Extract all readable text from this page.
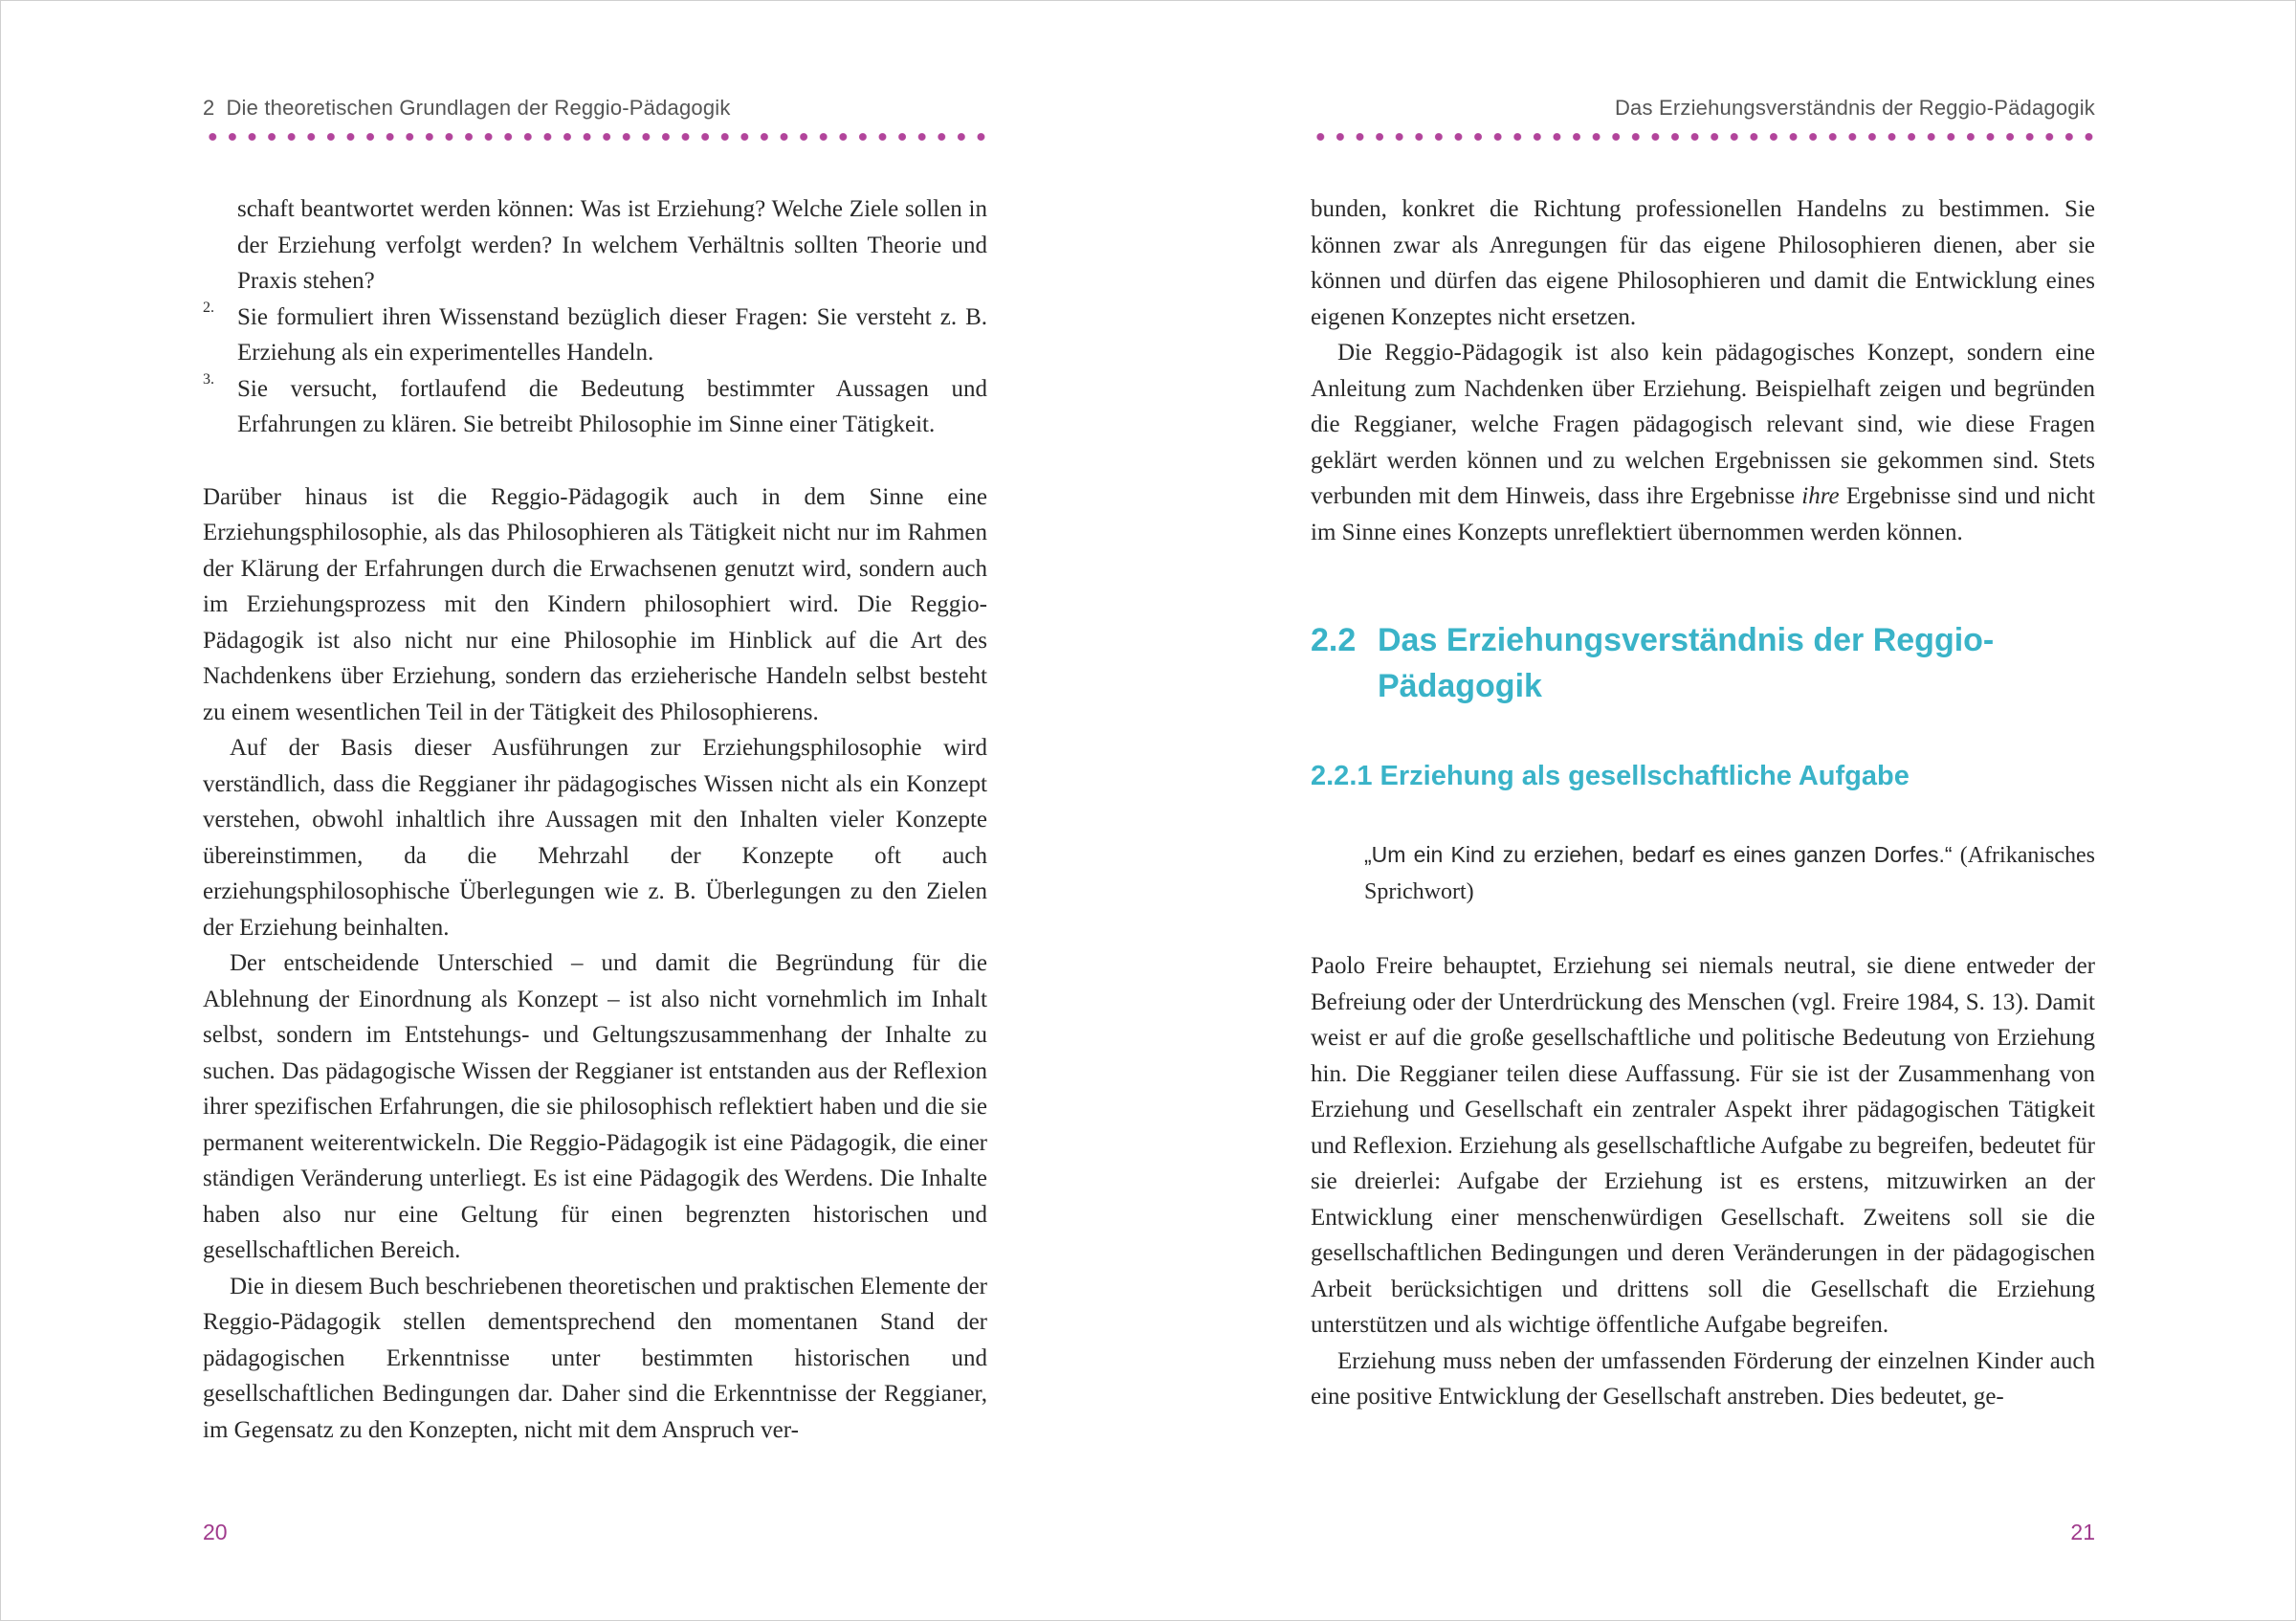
2 Die theoretischen Grundlagen der Reggio-Pädagogik

schaft beantwortet werden können: Was ist Erziehung? Welche Ziele sollen in der Erziehung verfolgt werden? In welchem Verhältnis sollten Theorie und Praxis stehen?

2. Sie formuliert ihren Wissenstand bezüglich dieser Fragen: Sie versteht z. B. Erziehung als ein experimentelles Handeln.

3. Sie versucht, fortlaufend die Bedeutung bestimmter Aussagen und Erfahrungen zu klären. Sie betreibt Philosophie im Sinne einer Tätigkeit.

Darüber hinaus ist die Reggio-Pädagogik auch in dem Sinne eine Erziehungsphilosophie, als das Philosophieren als Tätigkeit nicht nur im Rahmen der Klärung der Erfahrungen durch die Erwachsenen genutzt wird, sondern auch im Erziehungsprozess mit den Kindern philosophiert wird. Die Reggio-Pädagogik ist also nicht nur eine Philosophie im Hinblick auf die Art des Nachdenkens über Erziehung, sondern das erzieherische Handeln selbst besteht zu einem wesentlichen Teil in der Tätigkeit des Philosophierens.

Auf der Basis dieser Ausführungen zur Erziehungsphilosophie wird verständlich, dass die Reggianer ihr pädagogisches Wissen nicht als ein Konzept verstehen, obwohl inhaltlich ihre Aussagen mit den Inhalten vieler Konzepte übereinstimmen, da die Mehrzahl der Konzepte oft auch erziehungsphilosophische Überlegungen wie z. B. Überlegungen zu den Zielen der Erziehung beinhalten.

Der entscheidende Unterschied – und damit die Begründung für die Ablehnung der Einordnung als Konzept – ist also nicht vornehmlich im Inhalt selbst, sondern im Entstehungs- und Geltungszusammenhang der Inhalte zu suchen. Das pädagogische Wissen der Reggianer ist entstanden aus der Reflexion ihrer spezifischen Erfahrungen, die sie philosophisch reflektiert haben und die sie permanent weiterentwickeln. Die Reggio-Pädagogik ist eine Pädagogik, die einer ständigen Veränderung unterliegt. Es ist eine Pädagogik des Werdens. Die Inhalte haben also nur eine Geltung für einen begrenzten historischen und gesellschaftlichen Bereich.

Die in diesem Buch beschriebenen theoretischen und praktischen Elemente der Reggio-Pädagogik stellen dementsprechend den momentanen Stand der pädagogischen Erkenntnisse unter bestimmten historischen und gesellschaftlichen Bedingungen dar. Daher sind die Erkenntnisse der Reggianer, im Gegensatz zu den Konzepten, nicht mit dem Anspruch ver-

20
Das Erziehungsverständnis der Reggio-Pädagogik

bunden, konkret die Richtung professionellen Handelns zu bestimmen. Sie können zwar als Anregungen für das eigene Philosophieren dienen, aber sie können und dürfen das eigene Philosophieren und damit die Entwicklung eines eigenen Konzeptes nicht ersetzen.

Die Reggio-Pädagogik ist also kein pädagogisches Konzept, sondern eine Anleitung zum Nachdenken über Erziehung. Beispielhaft zeigen und begründen die Reggianer, welche Fragen pädagogisch relevant sind, wie diese Fragen geklärt werden können und zu welchen Ergebnissen sie gekommen sind. Stets verbunden mit dem Hinweis, dass ihre Ergebnisse ihre Ergebnisse sind und nicht im Sinne eines Konzepts unreflektiert übernommen werden können.

2.2 Das Erziehungsverständnis der Reggio-Pädagogik
2.2.1 Erziehung als gesellschaftliche Aufgabe
„Um ein Kind zu erziehen, bedarf es eines ganzen Dorfes.“ (Afrikanisches Sprichwort)

Paolo Freire behauptet, Erziehung sei niemals neutral, sie diene entweder der Befreiung oder der Unterdrückung des Menschen (vgl. Freire 1984, S. 13). Damit weist er auf die große gesellschaftliche und politische Bedeutung von Erziehung hin. Die Reggianer teilen diese Auffassung. Für sie ist der Zusammenhang von Erziehung und Gesellschaft ein zentraler Aspekt ihrer pädagogischen Tätigkeit und Reflexion. Erziehung als gesellschaftliche Aufgabe zu begreifen, bedeutet für sie dreierlei: Aufgabe der Erziehung ist es erstens, mitzuwirken an der Entwicklung einer menschenwürdigen Gesellschaft. Zweitens soll sie die gesellschaftlichen Bedingungen und deren Veränderungen in der pädagogischen Arbeit berücksichtigen und drittens soll die Gesellschaft die Erziehung unterstützen und als wichtige öffentliche Aufgabe begreifen.

Erziehung muss neben der umfassenden Förderung der einzelnen Kinder auch eine positive Entwicklung der Gesellschaft anstreben. Dies bedeutet, ge-

21
